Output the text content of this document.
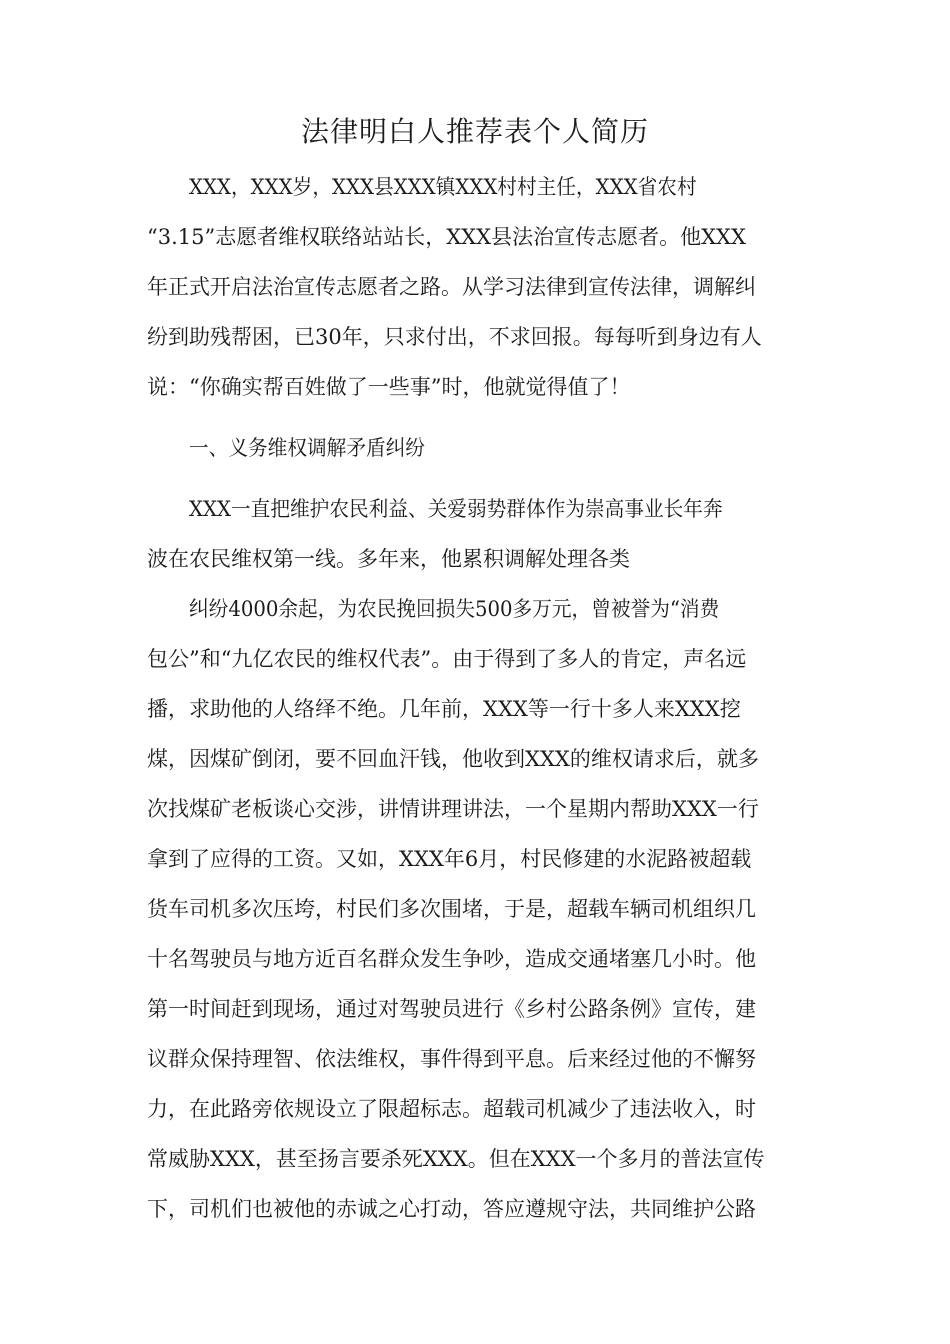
法律明白人推荐表个人简历
XXX，XXX岁，XXX县XXX镇XXX村村主任，XXX省农村
“3.15”志愿者维权联络站站长，XXX县法治宣传志愿者。他XXX
年正式开启法治宣传志愿者之路。从学习法律到宣传法律，调解纠
纷到助残帮困，已30年，只求付出，不求回报。每每听到身边有人
说：“你确实帮百姓做了一些事”时，他就觉得值了！
一、义务维权调解矛盾纠纷
XXX一直把维护农民利益、关爱弱势群体作为崇高事业长年奔
波在农民维权第一线。多年来，他累积调解处理各类
纠纷4000余起，为农民挽回损失500多万元，曾被誉为“消费
包公”和“九亿农民的维权代表”。由于得到了多人的肯定，声名远
播，求助他的人络绎不绝。几年前，XXX等一行十多人来XXX挖
煤，因煤矿倒闭，要不回血汗钱，他收到XXX的维权请求后，就多
次找煤矿老板谈心交涉，讲情讲理讲法，一个星期内帮助XXX一行
拿到了应得的工资。又如，XXX年6月，村民修建的水泥路被超载
货车司机多次压垮，村民们多次围堵，于是，超载车辆司机组织几
十名驾驶员与地方近百名群众发生争吵，造成交通堵塞几小时。他
第一时间赶到现场，通过对驾驶员进行《乡村公路条例》宣传，建
议群众保持理智、依法维权，事件得到平息。后来经过他的不懈努
力，在此路旁依规设立了限超标志。超载司机减少了违法收入，时
常威胁XXX，甚至扬言要杀死XXX。但在XXX一个多月的普法宣传
下，司机们也被他的赤诚之心打动，答应遵规守法，共同维护公路
